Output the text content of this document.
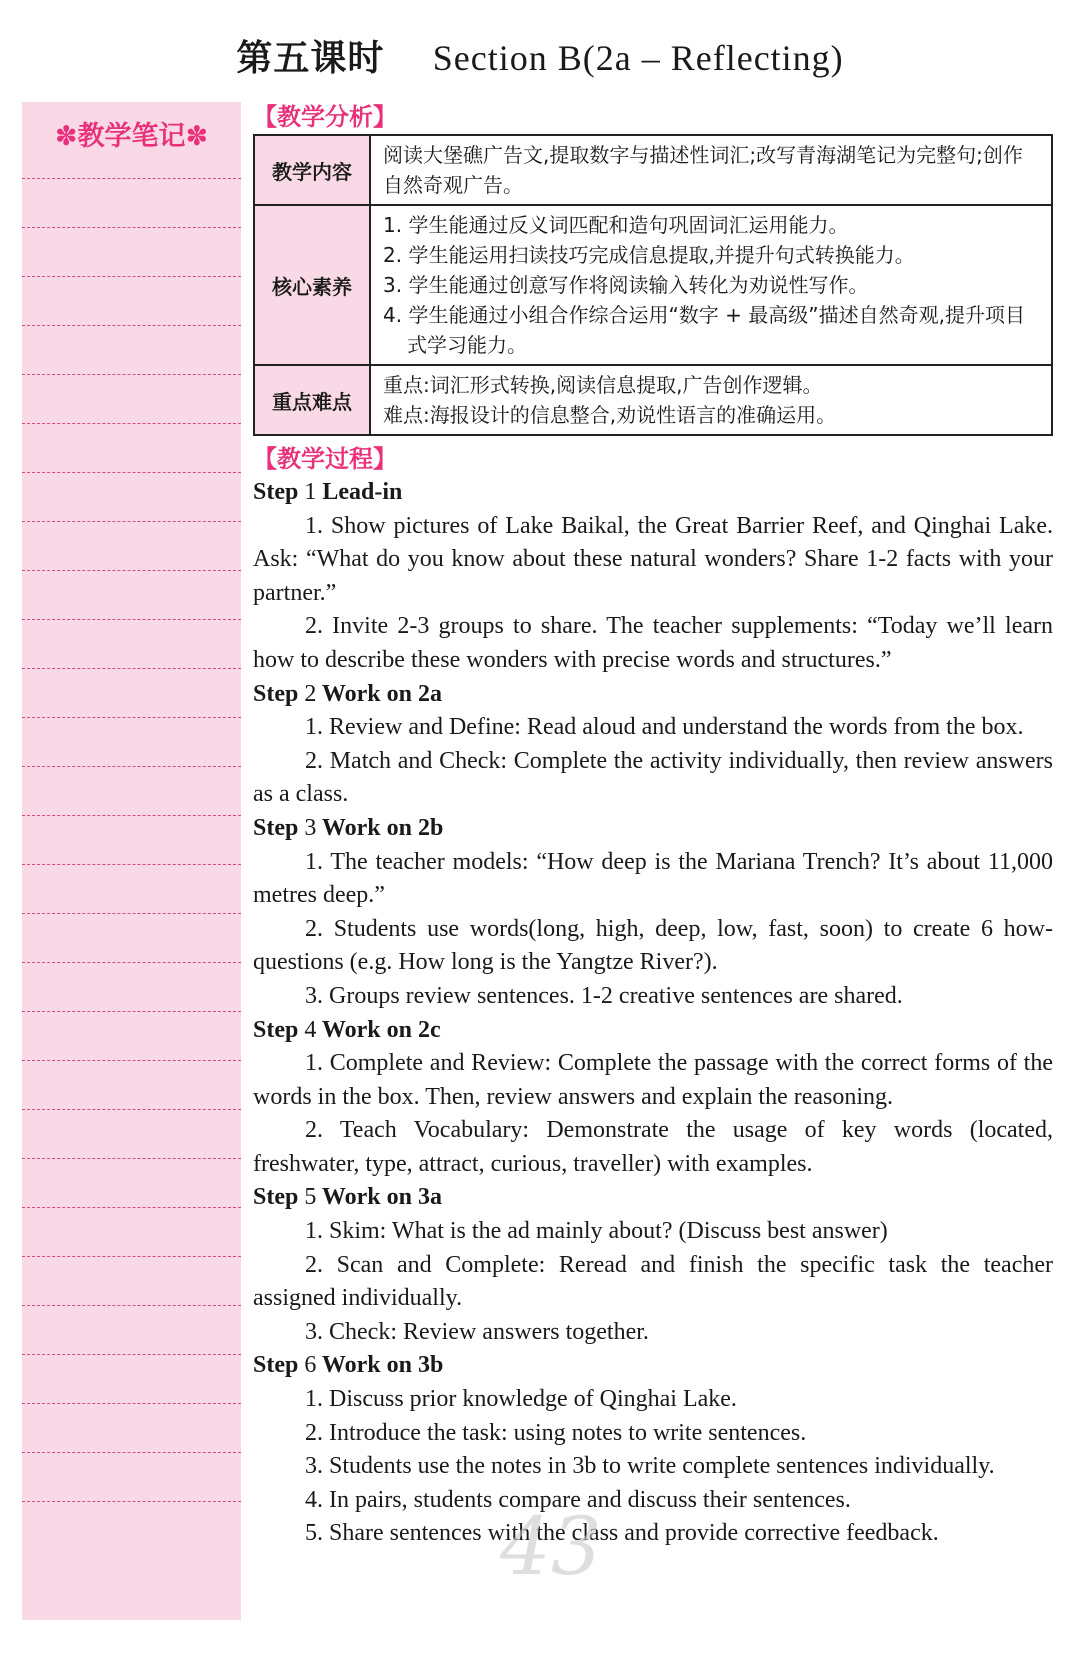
第五课时 Section B(2a – Reflecting)
✽教学笔记✽
【教学分析】
教学内容	阅读大堡礁广告文,提取数字与描述性词汇;改写青海湖笔记为完整句;创作自然奇观广告。
核心素养	1. 学生能通过反义词匹配和造句巩固词汇运用能力。
2. 学生能运用扫读技巧完成信息提取,并提升句式转换能力。
3. 学生能通过创意写作将阅读输入转化为劝说性写作。
4. 学生能通过小组合作综合运用“数字 + 最高级”描述自然奇观,提升项目式学习能力。

重点难点	重点:词汇形式转换,阅读信息提取,广告创作逻辑。
难点:海报设计的信息整合,劝说性语言的准确运用。
【教学过程】
Step 1 Lead-in
1. Show pictures of Lake Baikal, the Great Barrier Reef, and Qinghai Lake. Ask: “What do you know about these natural wonders? Share 1-2 facts with your partner.”
2. Invite 2-3 groups to share. The teacher supplements: “Today we’ll learn how to describe these wonders with precise words and structures.”
Step 2 Work on 2a
1. Review and Define: Read aloud and understand the words from the box.
2. Match and Check: Complete the activity individually, then review answers as a class.
Step 3 Work on 2b
1. The teacher models: “How deep is the Mariana Trench? It’s about 11,000 metres deep.”
2. Students use words(long, high, deep, low, fast, soon) to create 6 how-questions (e.g. How long is the Yangtze River?).
3. Groups review sentences. 1-2 creative sentences are shared.
Step 4 Work on 2c
1. Complete and Review: Complete the passage with the correct forms of the words in the box. Then, review answers and explain the reasoning.
2. Teach Vocabulary: Demonstrate the usage of key words (located, freshwater, type, attract, curious, traveller) with examples.
Step 5 Work on 3a
1. Skim: What is the ad mainly about? (Discuss best answer)
2. Scan and Complete: Reread and finish the specific task the teacher assigned individually.
3. Check: Review answers together.
Step 6 Work on 3b
1. Discuss prior knowledge of Qinghai Lake.
2. Introduce the task: using notes to write sentences.
3. Students use the notes in 3b to write complete sentences individually.
4. In pairs, students compare and discuss their sentences.
5. Share sentences with the class and provide corrective feedback.
43
